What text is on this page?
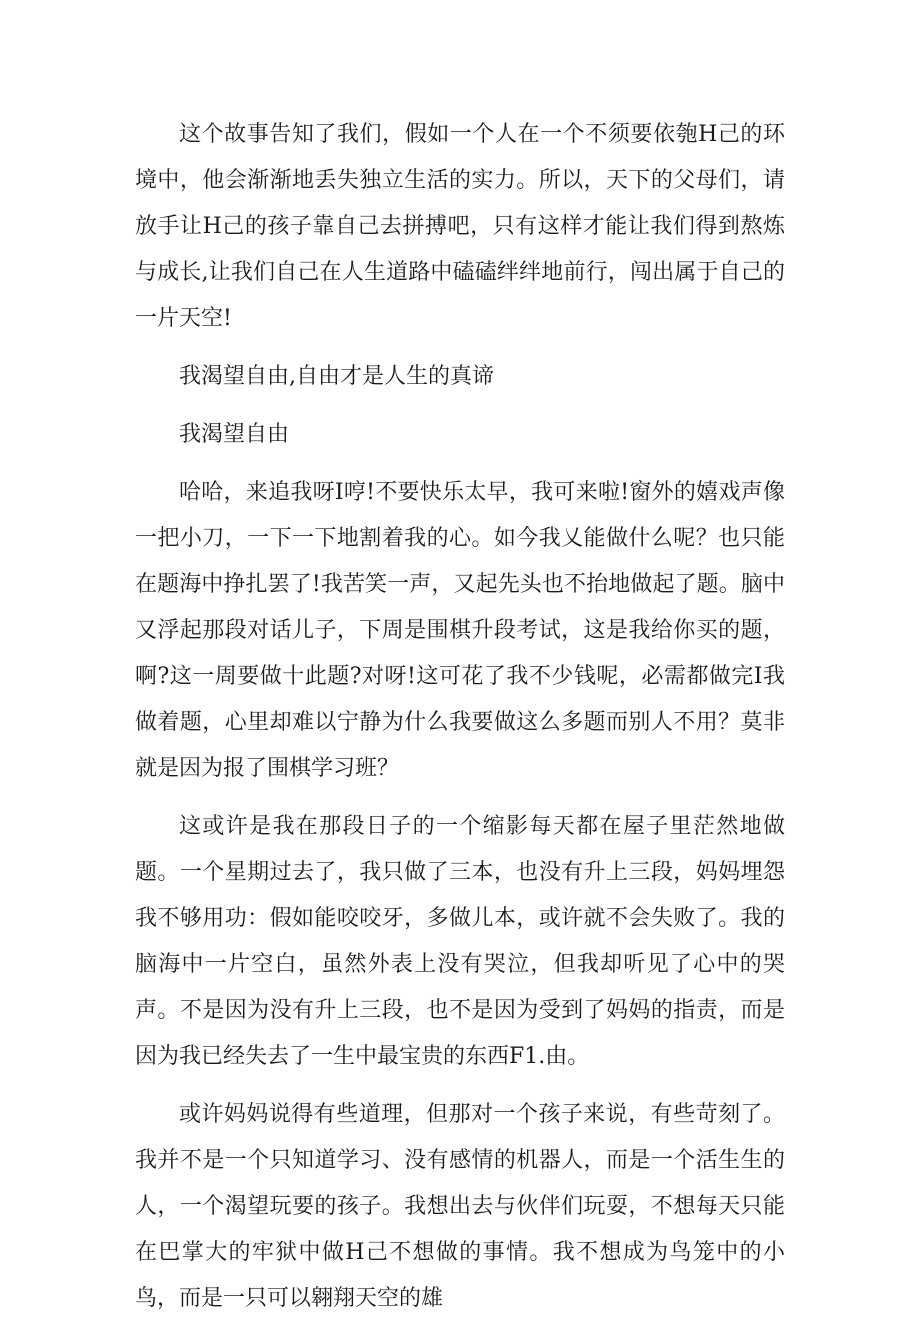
这个故事告知了我们，假如一个人在一个不须要依匏H己的环境中，他会渐渐地丢失独立生活的实力。所以，天下的父母们，请放手让H己的孩子靠自己去拼搏吧，只有这样才能让我们得到熬炼与成长,让我们自己在人生道路中磕磕绊绊地前行，闯出属于自己的一片天空!

我渴望自由,自由才是人生的真谛

我渴望自由

哈哈，来追我呀I哼!不要快乐太早，我可来啦!窗外的嬉戏声像一把小刀，一下一下地割着我的心。如今我乂能做什么呢？也只能在题海中挣扎罢了!我苦笑一声，又起先头也不抬地做起了题。脑中又浮起那段对话儿子，下周是围棋升段考试，这是我给你买的题，啊?这一周要做十此题?对呀!这可花了我不少钱呢，必需都做完I我做着题，心里却难以宁静为什么我要做这么多题而别人不用？莫非就是因为报了围棋学习班？

这或许是我在那段日子的一个缩影每天都在屋子里茫然地做题。一个星期过去了，我只做了三本，也没有升上三段，妈妈埋怨我不够用功：假如能咬咬牙，多做儿本，或许就不会失败了。我的脑海中一片空白，虽然外表上没有哭泣，但我却听见了心中的哭声。不是因为没有升上三段，也不是因为受到了妈妈的指责，而是因为我已经失去了一生中最宝贵的东西F1.由。

或许妈妈说得有些道理，但那对一个孩子来说，有些苛刻了。我并不是一个只知道学习、没有感情的机器人，而是一个活生生的人，一个渴望玩要的孩子。我想出去与伙伴们玩耍，不想每天只能在巴掌大的牢狱中做H己不想做的事情。我不想成为鸟笼中的小鸟，而是一只可以翱翔天空的雄
